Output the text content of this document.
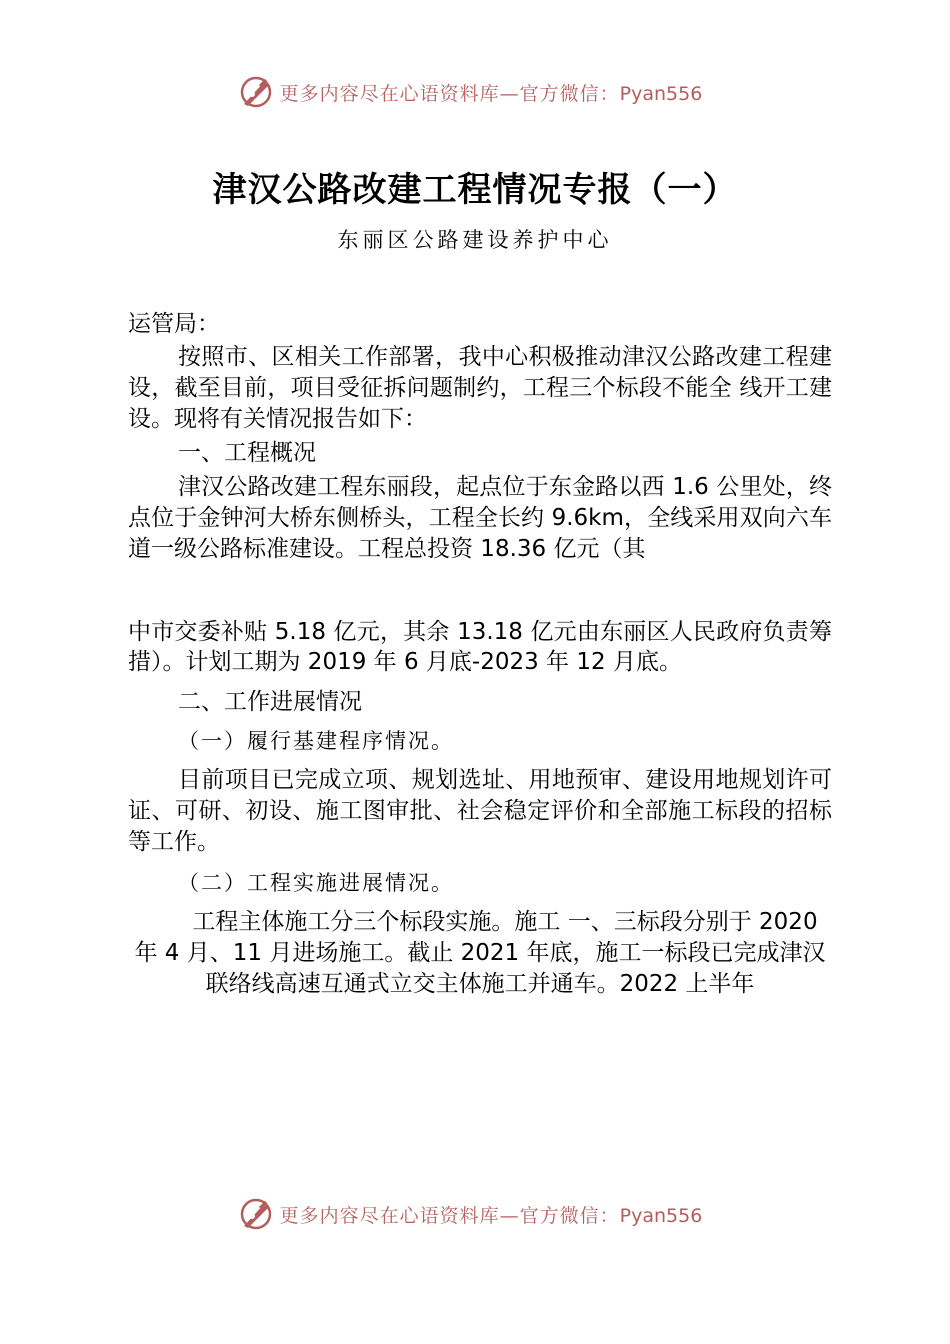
更多内容尽在心语资料库—官方微信：Pyan556
津汉公路改建工程情况专报（一）
东丽区公路建设养护中心

运管局：

按照市、区相关工作部署，我中心积极推动津汉公路改建工程建设，截至目前，项目受征拆问题制约，工程三个标段不能全 线开工建设。现将有关情况报告如下：

一、工程概况

津汉公路改建工程东丽段，起点位于东金路以西 1.6 公里处，终点位于金钟河大桥东侧桥头，工程全长约 9.6km，全线采用双向六车道一级公路标准建设。工程总投资 18.36 亿元（其

中市交委补贴 5.18 亿元，其余 13.18 亿元由东丽区人民政府负责筹措）。计划工期为 2019 年 6 月底-2023 年 12 月底。

二、工作进展情况

（一）履行基建程序情况。

目前项目已完成立项、规划选址、用地预审、建设用地规划许可证、可研、初设、施工图审批、社会稳定评价和全部施工标段的招标等工作。

（二）工程实施进展情况。

工程主体施工分三个标段实施。施工 一、三标段分别于 2020 年 4 月、11 月进场施工。截止 2021 年底，施工一标段已完成津汉联络线高速互通式立交主体施工并通车。2022 上半年

更多内容尽在心语资料库—官方微信：Pyan556
